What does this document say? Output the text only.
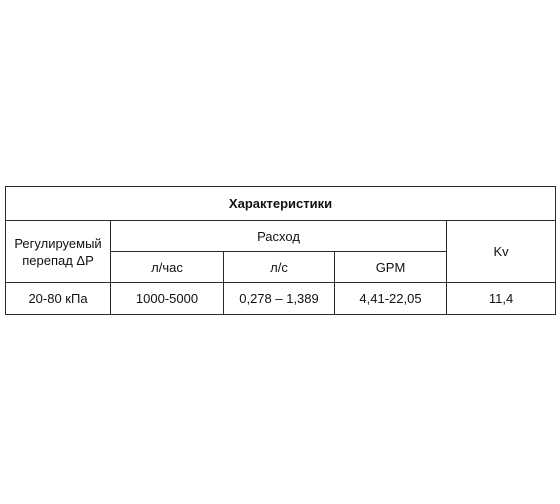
Характеристики				

Регулируемый
перепад ΔP	Расход			Kv
	л/час	л/с	GPM	
20-80 кПа	1000-5000	0,278 – 1,389	4,41-22,05	11,4
